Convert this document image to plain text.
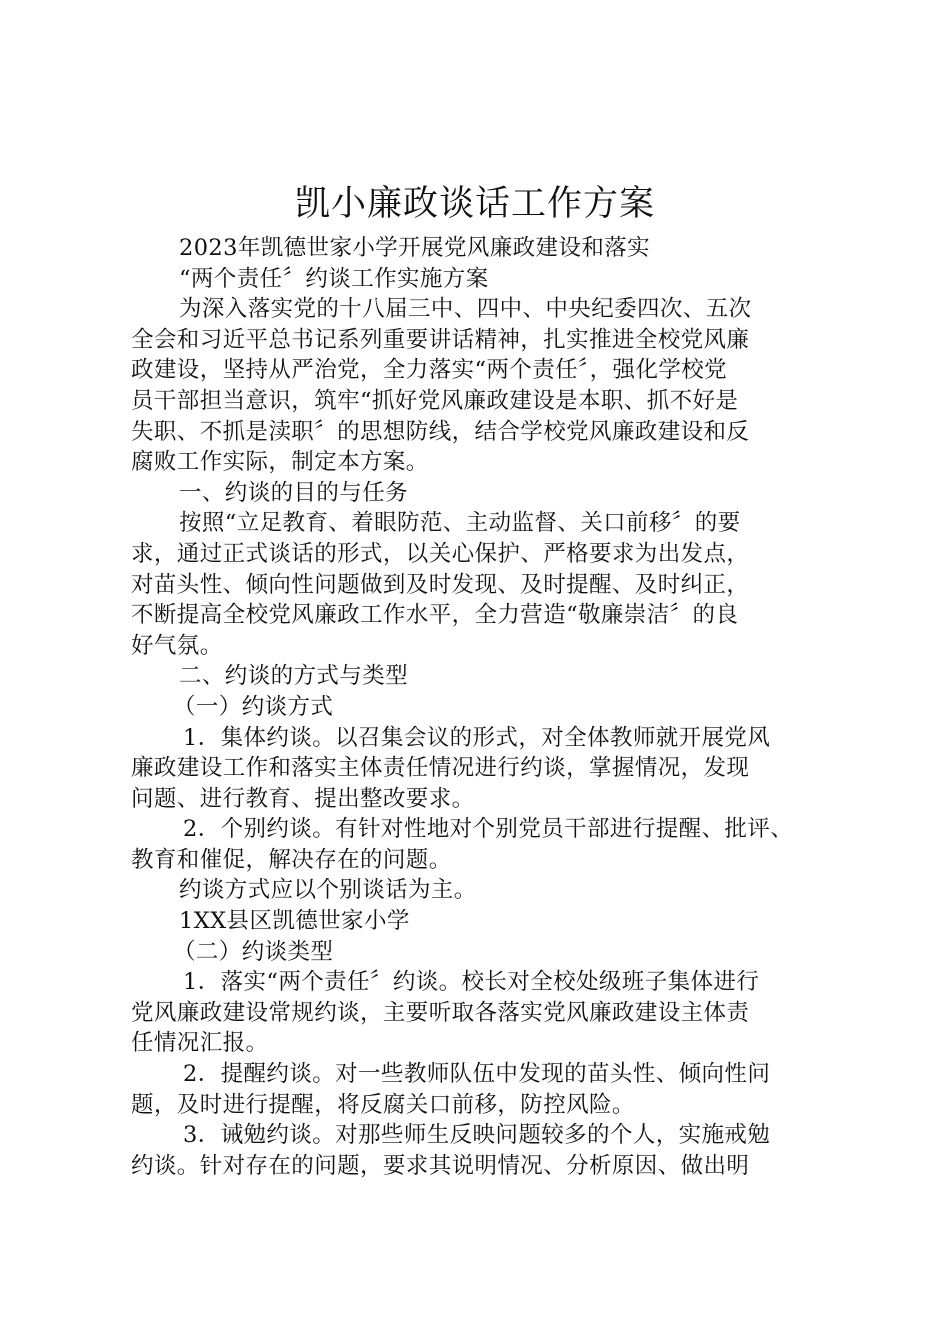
凯小廉政谈话工作方案
2023年凯德世家小学开展党风廉政建设和落实
“两个责任〞约谈工作实施方案
为深入落实党的十八届三中、四中、中央纪委四次、五次
全会和习近平总书记系列重要讲话精神，扎实推进全校党风廉
政建设，坚持从严治党，全力落实“两个责任〞，强化学校党
员干部担当意识，筑牢“抓好党风廉政建设是本职、抓不好是
失职、不抓是渎职〞的思想防线，结合学校党风廉政建设和反
腐败工作实际，制定本方案。
一、约谈的目的与任务
按照“立足教育、着眼防范、主动监督、关口前移〞的要
求，通过正式谈话的形式，以关心保护、严格要求为出发点，
对苗头性、倾向性问题做到及时发现、及时提醒、及时纠正，
不断提高全校党风廉政工作水平，全力营造“敬廉崇洁〞的良
好气氛。
二、约谈的方式与类型
（一）约谈方式
1．集体约谈。以召集会议的形式，对全体教师就开展党风
廉政建设工作和落实主体责任情况进行约谈，掌握情况，发现
问题、进行教育、提出整改要求。
2．个别约谈。有针对性地对个别党员干部进行提醒、批评、
教育和催促，解决存在的问题。
约谈方式应以个别谈话为主。
1XX县区凯德世家小学
（二）约谈类型
1．落实“两个责任〞约谈。校长对全校处级班子集体进行
党风廉政建设常规约谈，主要听取各落实党风廉政建设主体责
任情况汇报。
2．提醒约谈。对一些教师队伍中发现的苗头性、倾向性问
题，及时进行提醒，将反腐关口前移，防控风险。
3．诫勉约谈。对那些师生反映问题较多的个人，实施戒勉
约谈。针对存在的问题，要求其说明情况、分析原因、做出明
